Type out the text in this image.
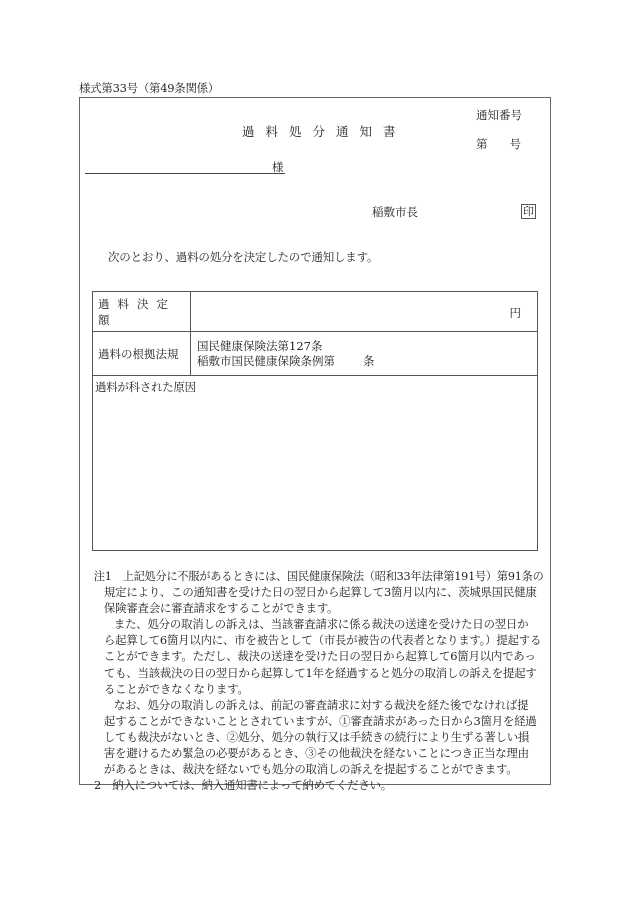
様式第33号（第49条関係）
過料処分通知書
通知番号
第 号
様
稲敷市長	印
次のとおり、過料の処分を決定したので通知します。
過料決定額	円
過料の根拠法規
国民健康保険法第127条
稲敷市国民健康保険条例第 条
過料が科された原因
注1　上記処分に不服があるときには、国民健康保険法（昭和33年法律第191号）第91条の
規定により、この通知書を受けた日の翌日から起算して3箇月以内に、茨城県国民健康
保険審査会に審査請求をすることができます。
また、処分の取消しの訴えは、当該審査請求に係る裁決の送達を受けた日の翌日か
ら起算して6箇月以内に、市を被告として（市長が被告の代表者となります。）提起する
ことができます。ただし、裁決の送達を受けた日の翌日から起算して6箇月以内であっ
ても、当該裁決の日の翌日から起算して1年を経過すると処分の取消しの訴えを提起す
ることができなくなります。
なお、処分の取消しの訴えは、前記の審査請求に対する裁決を経た後でなければ提
起することができないこととされていますが、①審査請求があった日から3箇月を経過
しても裁決がないとき、②処分、処分の執行又は手続きの続行により生ずる著しい損
害を避けるため緊急の必要があるとき、③その他裁決を経ないことにつき正当な理由
があるときは、裁決を経ないでも処分の取消しの訴えを提起することができます。
2　納入については、納入通知書によって納めてください。
